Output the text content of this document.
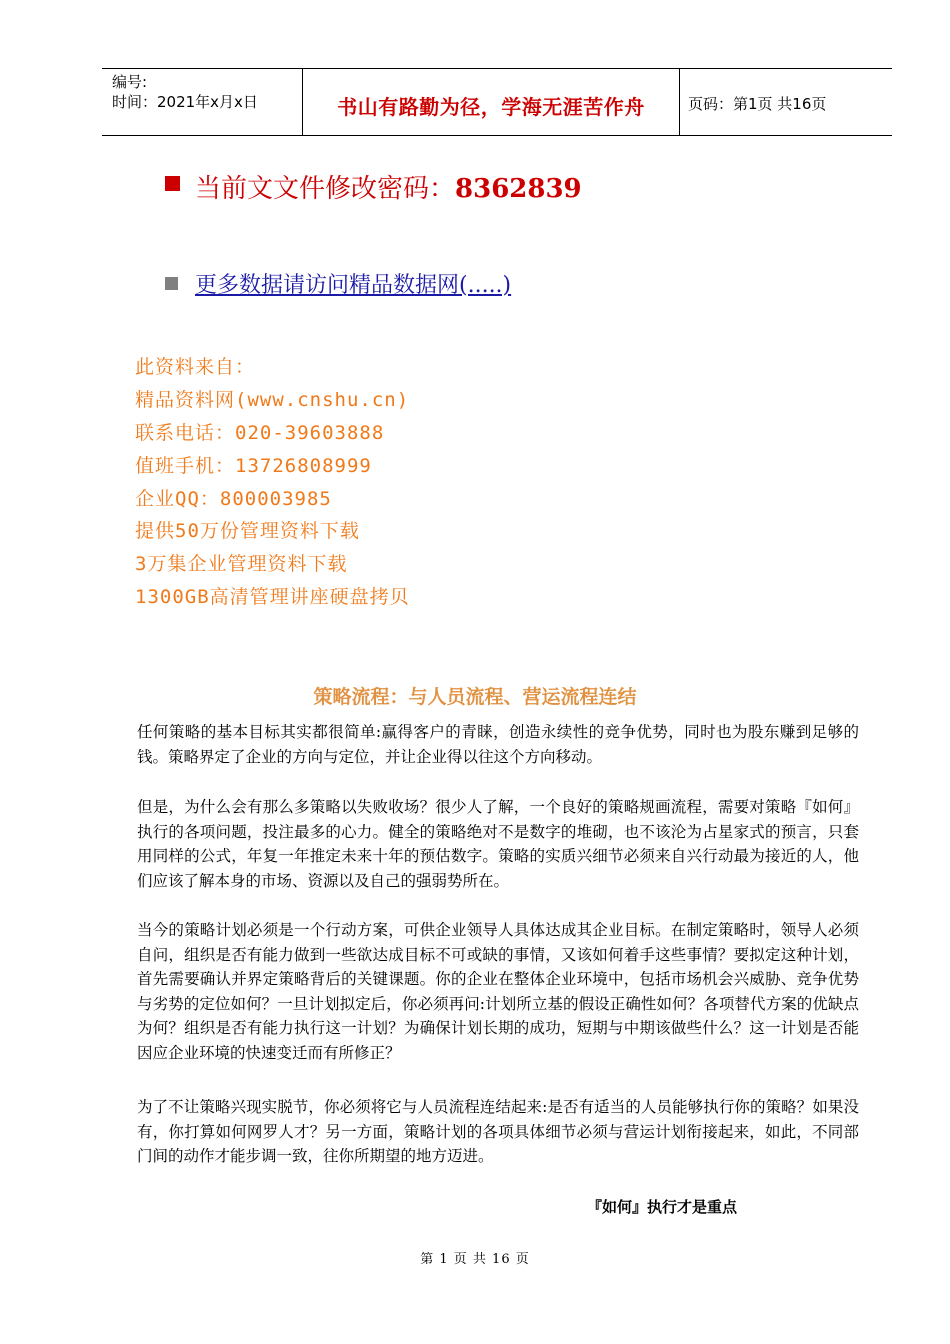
编号:
时间：2021年x月x日	书山有路勤为径，学海无涯苦作舟	页码：第1页 共16页
当前文文件修改密码：8362839
更多数据请访问精品数据网(.....)
此资料来自：
精品资料网(www.cnshu.cn)
联系电话：020-39603888
值班手机：13726808999
企业QQ：800003985
提供50万份管理资料下载
3万集企业管理资料下载
1300GB高清管理讲座硬盘拷贝
策略流程：与人员流程、营运流程连结
任何策略的基本目标其实都很简单:赢得客户的青睐，创造永续性的竞争优势，同时也为股东赚到足够的钱。策略界定了企业的方向与定位，并让企业得以往这个方向移动。
但是，为什么会有那么多策略以失败收场？很少人了解，一个良好的策略规画流程，需要对策略『如何』执行的各项问题，投注最多的心力。健全的策略绝对不是数字的堆砌，也不该沦为占星家式的预言，只套用同样的公式，年复一年推定未来十年的预估数字。策略的实质兴细节必须来自兴行动最为接近的人，他们应该了解本身的市场、资源以及自己的强弱势所在。
当今的策略计划必须是一个行动方案，可供企业领导人具体达成其企业目标。在制定策略时，领导人必须自问，组织是否有能力做到一些欲达成目标不可或缺的事情，又该如何着手这些事情？要拟定这种计划，首先需要确认并界定策略背后的关键课题。你的企业在整体企业环境中，包括市场机会兴威胁、竞争优势与劣势的定位如何？一旦计划拟定后，你必须再问:计划所立基的假设正确性如何？各项替代方案的优缺点为何？组织是否有能力执行这一计划？为确保计划长期的成功，短期与中期该做些什么？这一计划是否能因应企业环境的快速变迁而有所修正？
为了不让策略兴现实脱节，你必须将它与人员流程连结起来:是否有适当的人员能够执行你的策略？如果没有，你打算如何网罗人才？另一方面，策略计划的各项具体细节必须与营运计划衔接起来，如此，不同部门间的动作才能步调一致，往你所期望的地方迈进。
『如何』执行才是重点
第 1 页 共 16 页
